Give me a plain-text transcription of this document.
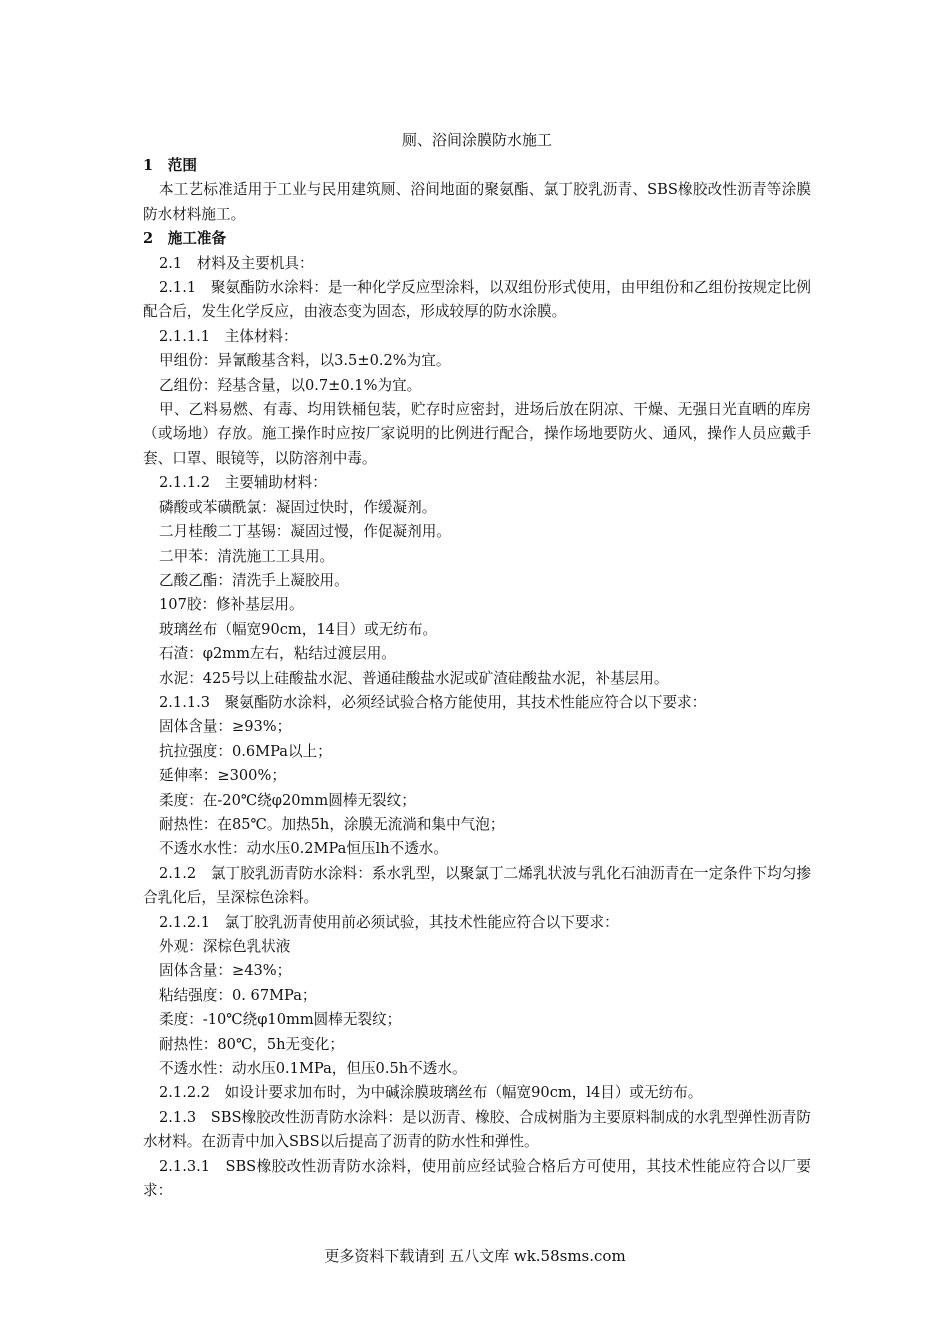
厕、浴间涂膜防水施工

1　范围

本工艺标准适用于工业与民用建筑厕、浴间地面的聚氨酯、氯丁胶乳沥青、SBS橡胶改性沥青等涂膜防水材料施工。

2　施工准备

2.1　材料及主要机具：

2.1.1　聚氨酯防水涂料：是一种化学反应型涂料，以双组份形式使用，由甲组份和乙组份按规定比例配合后，发生化学反应，由液态变为固态，形成较厚的防水涂膜。

2.1.1.1　主体材料：

甲组份：异氰酸基含料，以3.5±0.2%为宜。

乙组份：羟基含量，以0.7±0.1%为宜。

甲、乙料易燃、有毒、均用铁桶包装，贮存时应密封，进场后放在阴凉、干燥、无强日光直晒的库房（或场地）存放。施工操作时应按厂家说明的比例进行配合，操作场地要防火、通风，操作人员应戴手套、口罩、眼镜等，以防溶剂中毒。

2.1.1.2　主要辅助材料：

磷酸或苯磺酰氯：凝固过快时，作缓凝剂。

二月桂酸二丁基锡：凝固过慢，作促凝剂用。

二甲苯：清洗施工工具用。

乙酸乙酯：清洗手上凝胶用。

107胶：修补基层用。

玻璃丝布（幅宽90cm，14目）或无纺布。

石渣：φ2mm左右，粘结过渡层用。

水泥：425号以上硅酸盐水泥、普通硅酸盐水泥或矿渣硅酸盐水泥，补基层用。

2.1.1.3　聚氨酯防水涂料，必须经试验合格方能使用，其技术性能应符合以下要求：

固体含量：≥93%；

抗拉强度：0.6MPa以上；

延伸率：≥300%；

柔度：在-20℃绕φ20mm圆棒无裂纹；

耐热性：在85℃。加热5h，涂膜无流淌和集中气泡；

不透水水性：动水压0.2MPa恒压lh不透水。

2.1.2　氯丁胶乳沥青防水涂料：系水乳型，以聚氯丁二烯乳状波与乳化石油沥青在一定条件下均匀掺合乳化后，呈深棕色涂料。

2.1.2.1　氯丁胶乳沥青使用前必须试验，其技术性能应符合以下要求：

外观：深棕色乳状液

固体含量：≥43%；

粘结强度：0. 67MPa；

柔度：-10℃绕φ10mm圆棒无裂纹；

耐热性：80℃，5h无变化；

不透水性：动水压0.1MPa，但压0.5h不透水。

2.1.2.2　如设计要求加布时，为中碱涂膜玻璃丝布（幅宽90cm，l4目）或无纺布。

2.1.3　SBS橡胶改性沥青防水涂料：是以沥青、橡胶、合成树脂为主要原料制成的水乳型弹性沥青防水材料。在沥青中加入SBS以后提高了沥青的防水性和弹性。

2.1.3.1　SBS橡胶改性沥青防水涂料，使用前应经试验合格后方可使用，其技术性能应符合以厂要求：

更多资料下载请到 五八文库 wk.58sms.com
